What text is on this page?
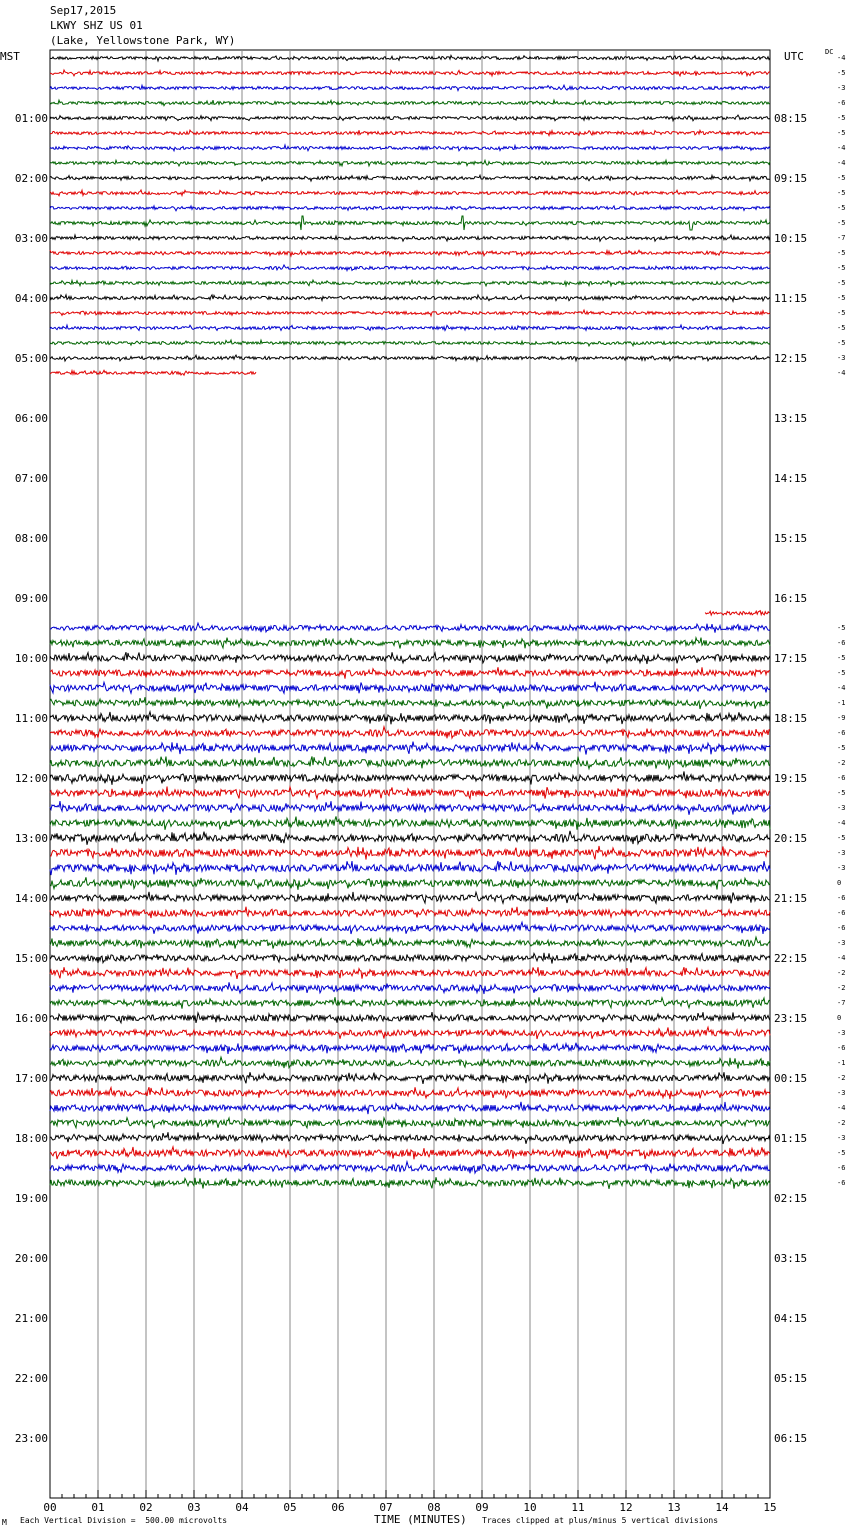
Sep17,2015
LKWY SHZ US 01
(Lake, Yellowstone Park, WY)
MST	UTC	DC
00	01	02	03	04	05	06	07	08	09	10	11	12	13	14	15
01:00
02:00
03:00
04:00
05:00
06:00
07:00
08:00
09:00
10:00
11:00
12:00
13:00
14:00
15:00
16:00
17:00
18:00
19:00
20:00
21:00
22:00
23:00
08:15
09:15
10:15
11:15
12:15
13:15
14:15
15:15
16:15
17:15
18:15
19:15
20:15
21:15
22:15
23:15
00:15
01:15
02:15
03:15
04:15
05:15
06:15
-4
-5
-3
-6
-5
-5
-4
-4
-5
-5
-5
-5
-7
-5
-5
-5
-5
-5
-5
-5
-3
-4
-5
-6
-5
-5
-4
-1
-9
-6
-5
-2
-6
-5
-3
-4
-5
-3
-3
0
-6
-6
-6
-3
-4
-2
-2
-7
0
-3
-6
-1
-2
-3
-4
-2
-3
-5
-6
-6
M Each Vertical Division =  500.00 microvolts	TIME (MINUTES) Traces clipped at plus/minus 5 vertical divisions
